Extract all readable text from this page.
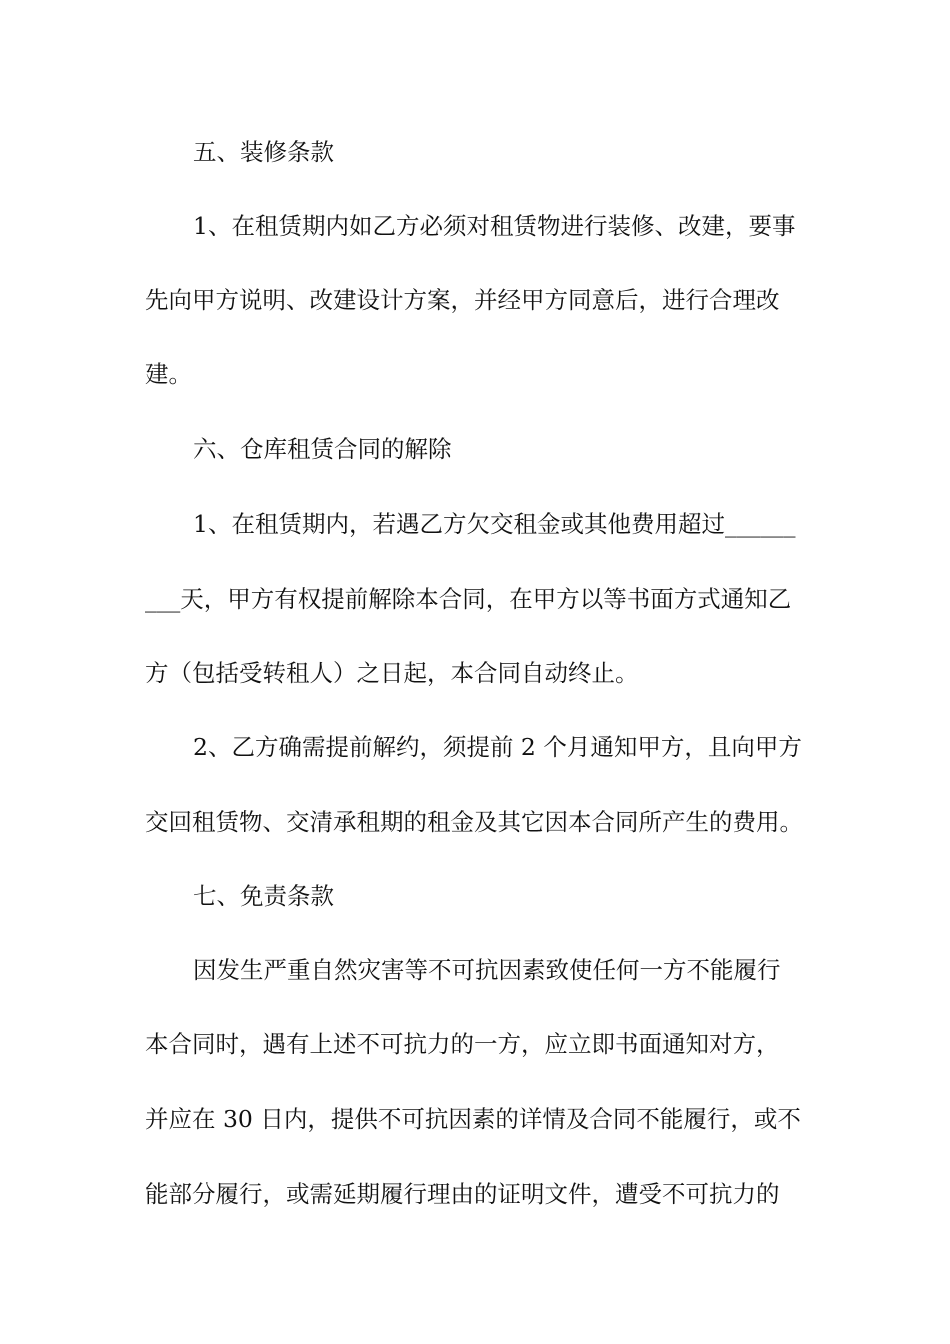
五、装修条款
1、在租赁期内如乙方必须对租赁物进行装修、改建，要事
先向甲方说明、改建设计方案，并经甲方同意后，进行合理改
建。
六、仓库租赁合同的解除
1、在租赁期内，若遇乙方欠交租金或其他费用超过______
___天，甲方有权提前解除本合同，在甲方以等书面方式通知乙
方（包括受转租人）之日起，本合同自动终止。
2、乙方确需提前解约，须提前 2 个月通知甲方，且向甲方
交回租赁物、交清承租期的租金及其它因本合同所产生的费用。
七、免责条款
因发生严重自然灾害等不可抗因素致使任何一方不能履行
本合同时，遇有上述不可抗力的一方，应立即书面通知对方，
并应在 30 日内，提供不可抗因素的详情及合同不能履行，或不
能部分履行，或需延期履行理由的证明文件，遭受不可抗力的
